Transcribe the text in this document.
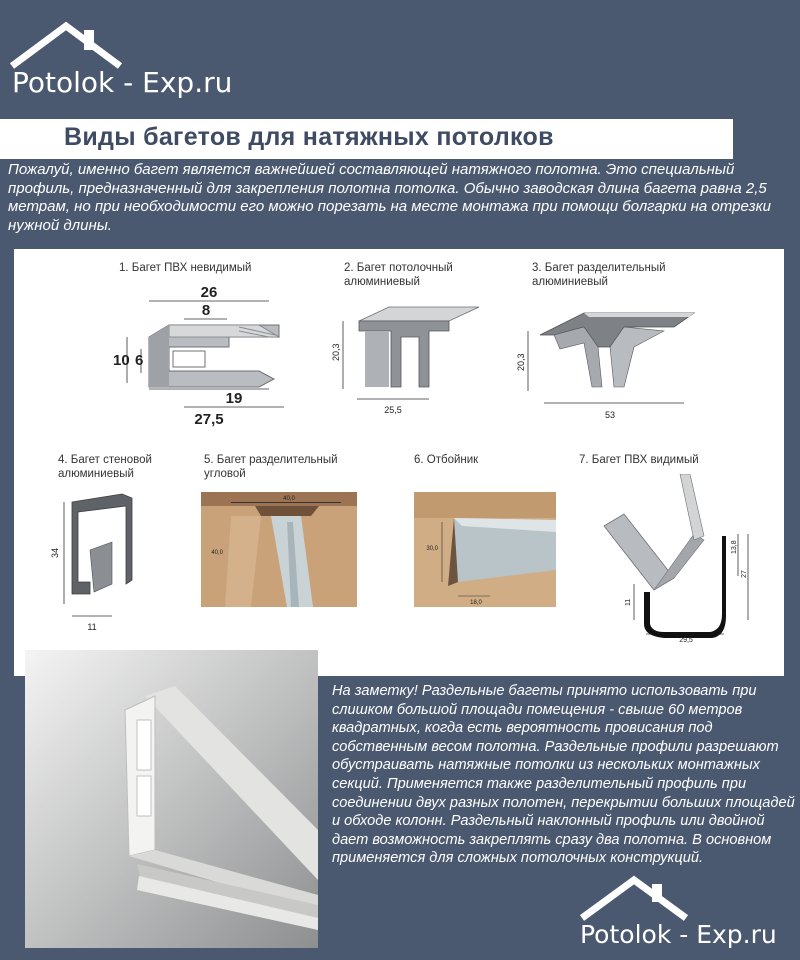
Potolok - Exp.ru
Виды багетов для натяжных потолков
Пожалуй, именно багет является важнейшей составляющей натяжного полотна. Это специальный профиль, предназначенный для закрепления полотна потолка. Обычно заводская длина багета равна 2,5 метрам, но при необходимости его можно порезать на месте монтажа при помощи болгарки на отрезки нужной длины.
1. Багет ПВХ невидимый
26
8
10 6
19
27,5
2. Багет потолочный
алюминиевый
20,3
25,5
3. Багет разделительный
алюминиевый
20,3
53
4. Багет стеновой
алюминиевый
34
11
5. Багет разделительный
угловой
40,0
40,0
6. Отбойник
30,0
18,0
7. Багет ПВХ видимый
13,8
27
11
29,5
На заметку! Раздельные багеты принято использовать при слишком большой площади помещения - свыше 60 метров квадратных, когда есть вероятность провисания под собственным весом полотна. Раздельные профили разрешают обустраивать натяжные потолки из нескольких монтажных секций. Применяется также разделительный профиль при соединении двух разных полотен, перекрытии больших площадей и обходе колонн. Раздельный наклонный профиль или двойной дает возможность закреплять сразу два полотна. В основном применяется для сложных потолочных конструкций.
Potolok - Exp.ru
